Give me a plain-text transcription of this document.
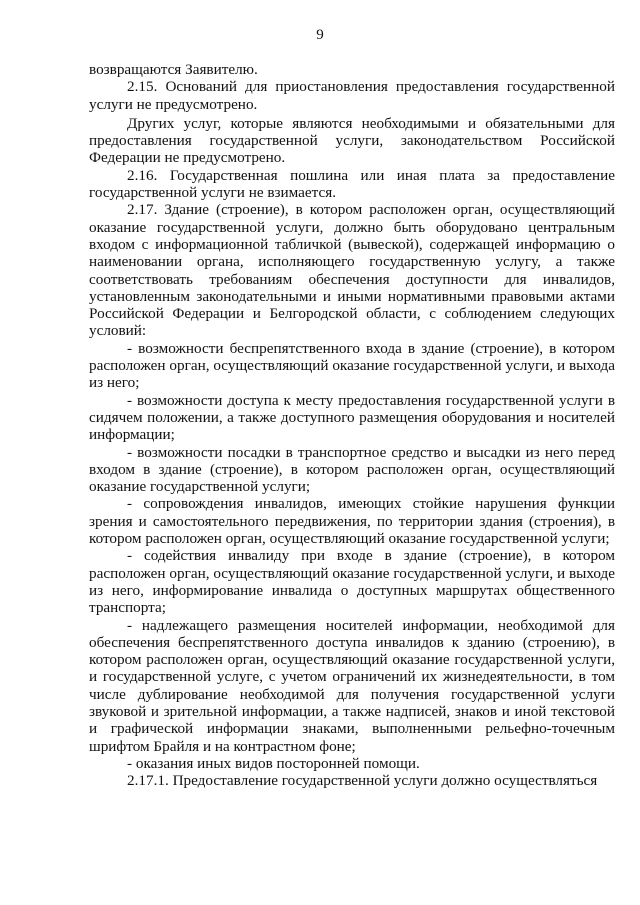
9

возвращаются Заявителю.

2.15. Оснований для приостановления предоставления государственной услуги не предусмотрено.

Других услуг, которые являются необходимыми и обязательными для предоставления государственной услуги, законодательством Российской Федерации не предусмотрено.

2.16. Государственная пошлина или иная плата за предоставление государственной услуги не взимается.

2.17. Здание (строение), в котором расположен орган, осуществляющий оказание государственной услуги, должно быть оборудовано центральным входом с информационной табличкой (вывеской), содержащей информацию о наименовании органа, исполняющего государственную услугу, а также соответствовать требованиям обеспечения доступности для инвалидов, установленным законодательными и иными нормативными правовыми актами Российской Федерации и Белгородской области, с соблюдением следующих условий:

- возможности беспрепятственного входа в здание (строение), в котором расположен орган, осуществляющий оказание государственной услуги, и выхода из него;

- возможности доступа к месту предоставления государственной услуги в сидячем положении, а также доступного размещения оборудования и носителей информации;

- возможности посадки в транспортное средство и высадки из него перед входом в здание (строение), в котором расположен орган, осуществляющий оказание государственной услуги;

- сопровождения инвалидов, имеющих стойкие нарушения функции зрения и самостоятельного передвижения, по территории здания (строения), в котором расположен орган, осуществляющий оказание государственной услуги;

- содействия инвалиду при входе в здание (строение), в котором расположен орган, осуществляющий оказание государственной услуги, и выходе из него, информирование инвалида о доступных маршрутах общественного транспорта;

- надлежащего размещения носителей информации, необходимой для обеспечения беспрепятственного доступа инвалидов к зданию (строению), в котором расположен орган, осуществляющий оказание государственной услуги, и государственной услуге, с учетом ограничений их жизнедеятельности, в том числе дублирование необходимой для получения государственной услуги звуковой и зрительной информации, а также надписей, знаков и иной текстовой и графической информации знаками, выполненными рельефно-точечным шрифтом Брайля и на контрастном фоне;

- оказания иных видов посторонней помощи.

2.17.1. Предоставление государственной услуги должно осуществляться
